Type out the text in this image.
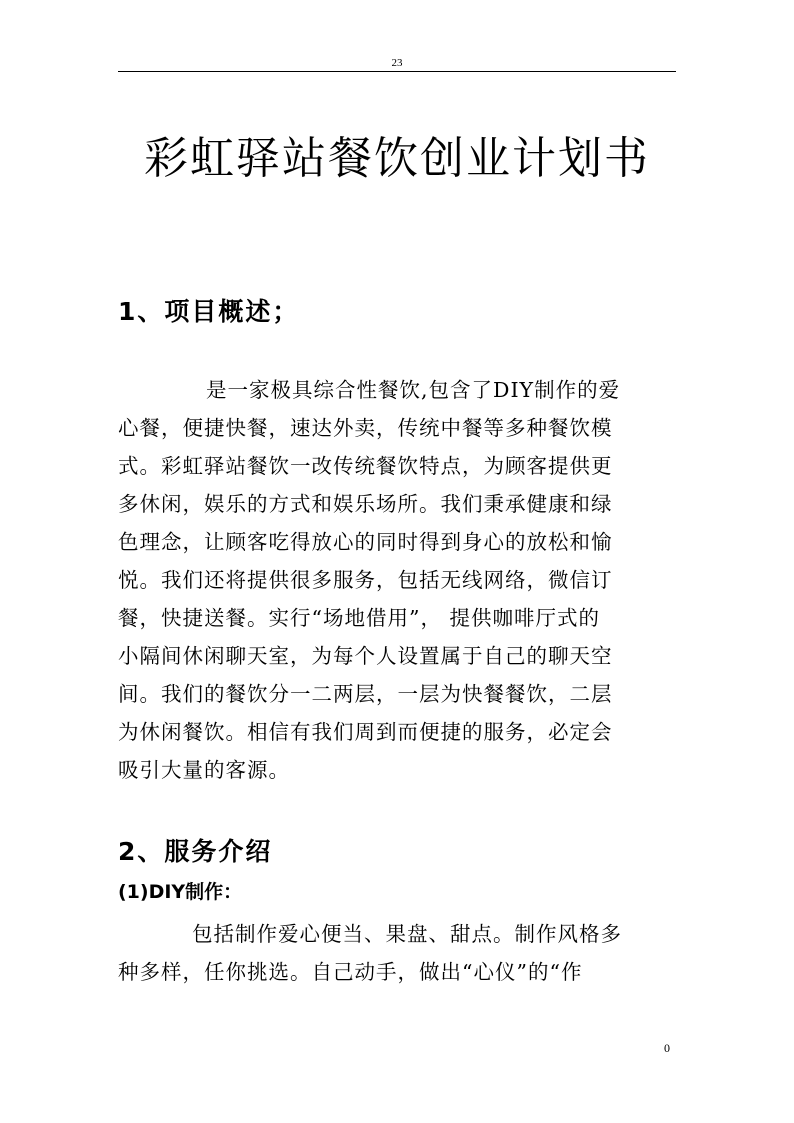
23
彩虹驿站餐饮创业计划书
1、项目概述；
是一家极具综合性餐饮,包含了DIY制作的爱
心餐，便捷快餐，速达外卖，传统中餐等多种餐饮模
式。彩虹驿站餐饮一改传统餐饮特点，为顾客提供更
多休闲，娱乐的方式和娱乐场所。我们秉承健康和绿
色理念，让顾客吃得放心的同时得到身心的放松和愉
悦。我们还将提供很多服务，包括无线网络，微信订
餐，快捷送餐。实行“场地借用”， 提供咖啡厅式的
小隔间休闲聊天室，为每个人设置属于自己的聊天空
间。我们的餐饮分一二两层，一层为快餐餐饮，二层
为休闲餐饮。相信有我们周到而便捷的服务，必定会
吸引大量的客源。
2、服务介绍
(1)DIY制作：
包括制作爱心便当、果盘、甜点。制作风格多
种多样，任你挑选。自己动手，做出“心仪”的“作
0
